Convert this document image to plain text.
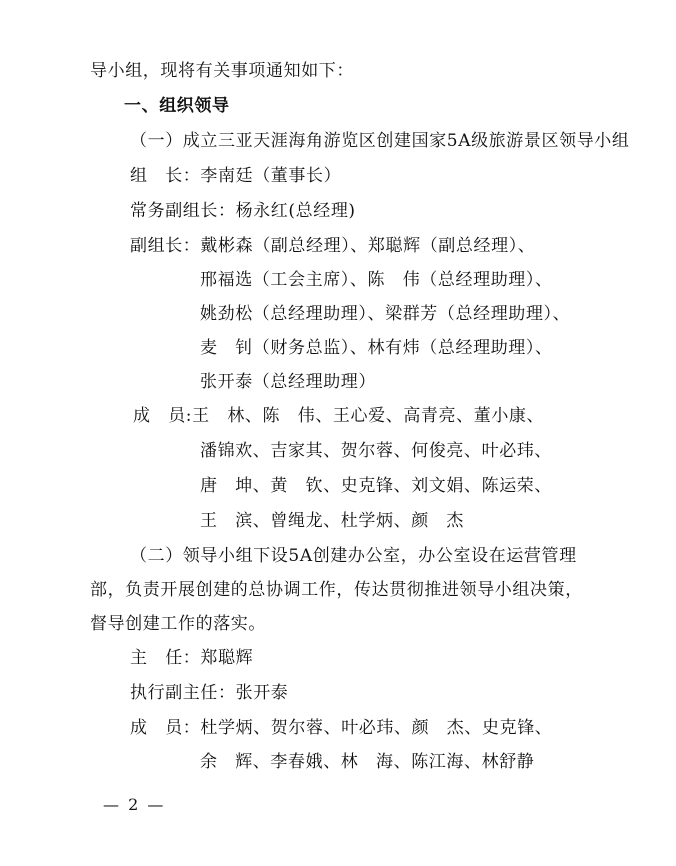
导小组，现将有关事项通知如下：
一、组织领导
（一）成立三亚天涯海角游览区创建国家5A级旅游景区领导小组
组　长：李南廷（董事长）
常务副组长：杨永红(总经理)
副组长：戴彬森（副总经理）、郑聪辉（副总经理）、
邢福选（工会主席）、陈　伟（总经理助理）、
姚劲松（总经理助理）、梁群芳（总经理助理）、
麦　钊（财务总监）、林有炜（总经理助理）、
张开泰（总经理助理）
成　员:王　林、陈　伟、王心爱、高青亮、董小康、
潘锦欢、吉家其、贺尔蓉、何俊亮、叶必玮、
唐　坤、黄　钦、史克锋、刘文娟、陈运荣、
王　滨、曾绳龙、杜学炳、颜　杰
（二）领导小组下设5A创建办公室，办公室设在运营管理
部，负责开展创建的总协调工作，传达贯彻推进领导小组决策，
督导创建工作的落实。
主　任：郑聪辉
执行副主任：张开泰
成　员：杜学炳、贺尔蓉、叶必玮、颜　杰、史克锋、
余　辉、李春娥、林　海、陈江海、林舒静
— 2 —
